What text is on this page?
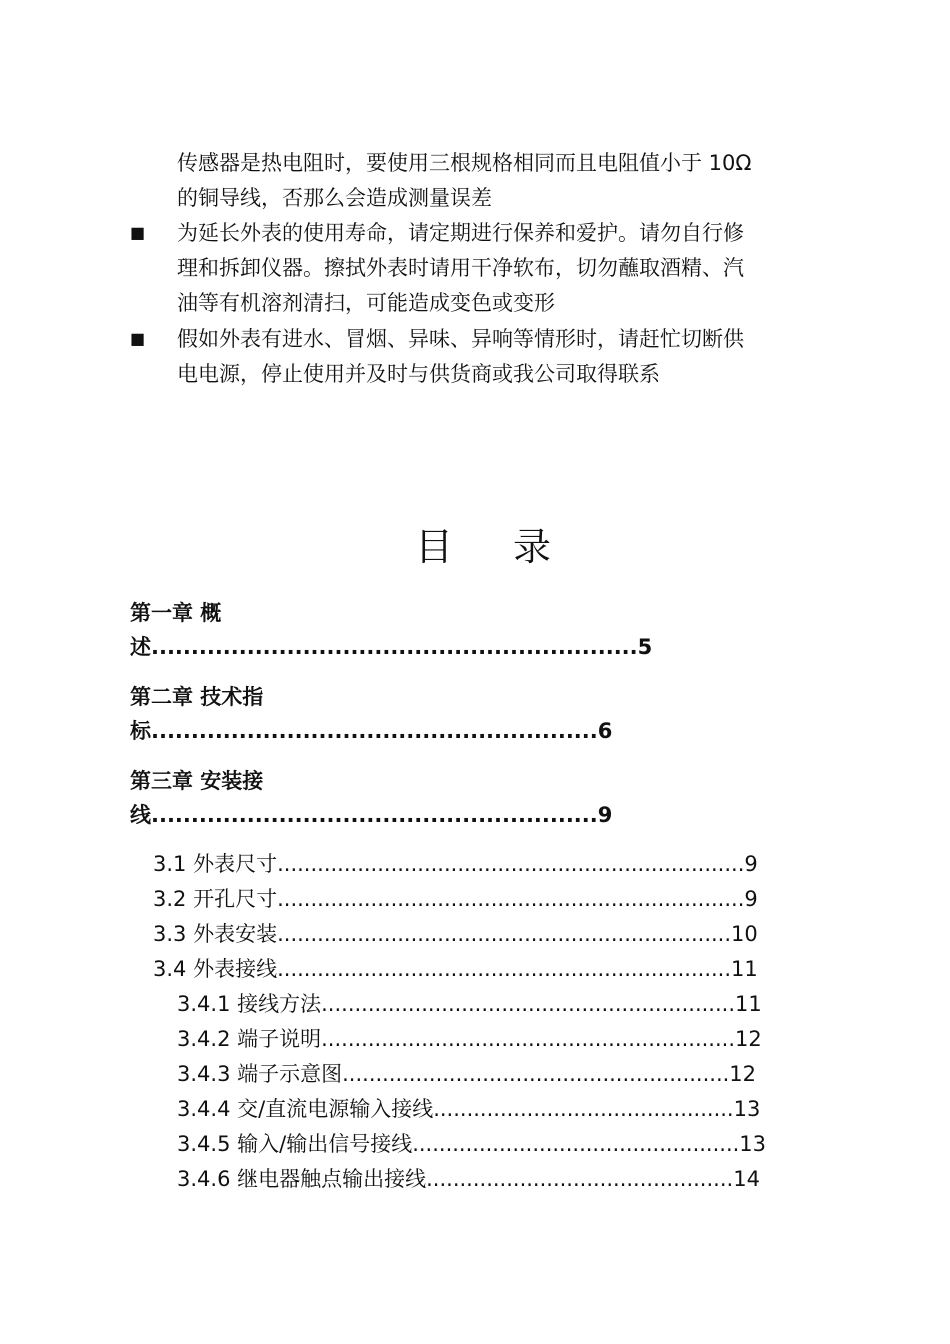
传感器是热电阻时，要使用三根规格相同而且电阻值小于 10Ω
的铜导线，否那么会造成测量误差
■ 为延长外表的使用寿命，请定期进行保养和爱护。请勿自行修
理和拆卸仪器。擦拭外表时请用干净软布，切勿蘸取酒精、汽
油等有机溶剂清扫，可能造成变色或变形
■ 假如外表有进水、冒烟、异味、异响等情形时，请赶忙切断供
电电源，停止使用并及时与供货商或我公司取得联系
目 录
第一章 概
述.............................................................5
第二章 技术指
标........................................................6
第三章 安装接
线........................................................9
3.1 外表尺寸......................................................................9
3.2 开孔尺寸......................................................................9
3.3 外表安装....................................................................10
3.4 外表接线....................................................................11
3.4.1 接线方法..............................................................11
3.4.2 端子说明..............................................................12
3.4.3 端子示意图..........................................................12
3.4.4 交/直流电源输入接线.............................................13
3.4.5 输入/输出信号接线.................................................13
3.4.6 继电器触点输出接线..............................................14
